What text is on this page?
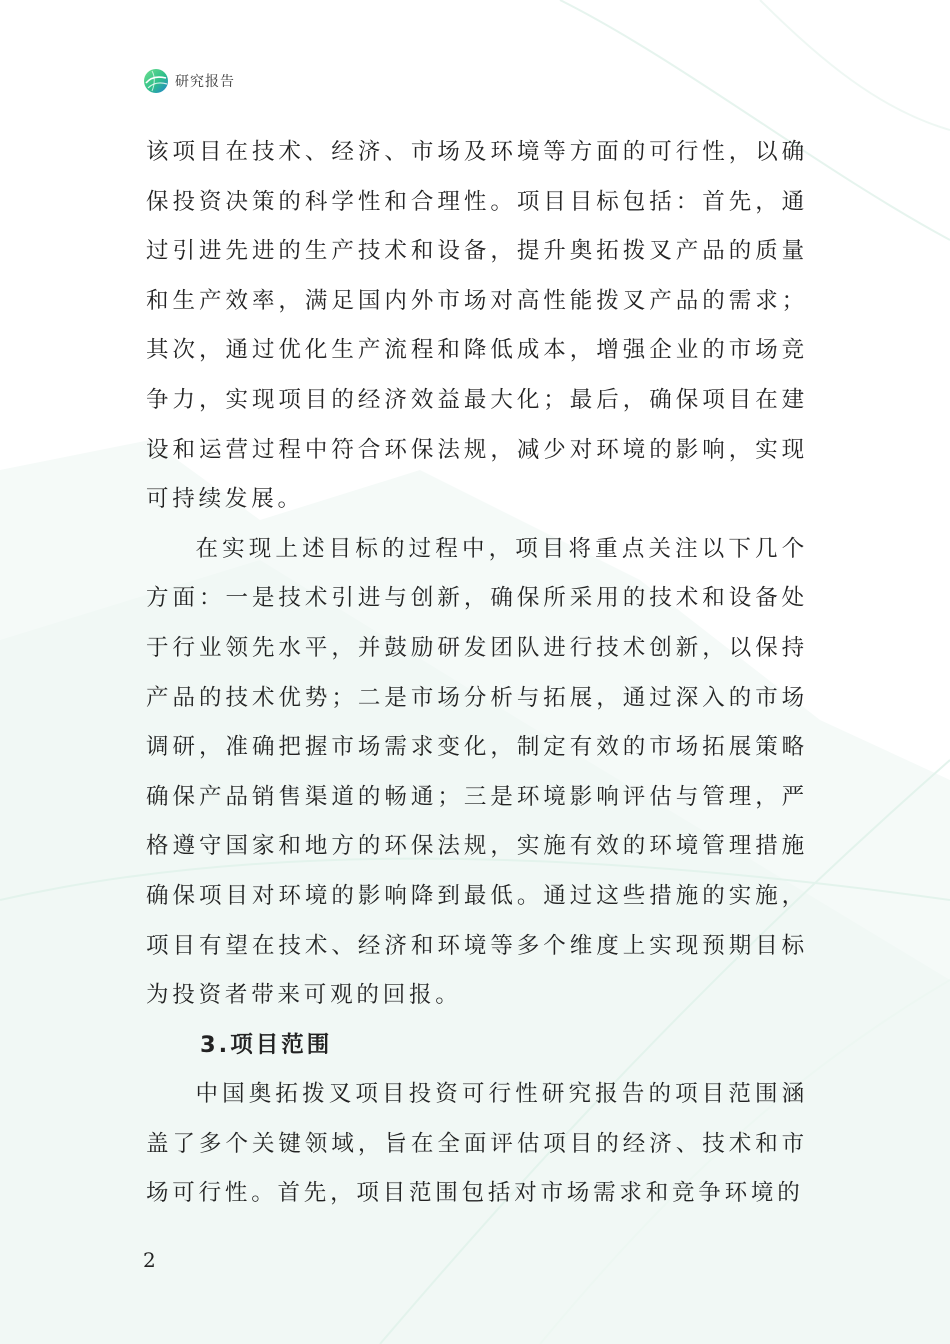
研究报告

该项目在技术、经济、市场及环境等方面的可行性，以确保投资决策的科学性和合理性。项目目标包括：首先，通过引进先进的生产技术和设备，提升奥拓拨叉产品的质量和生产效率，满足国内外市场对高性能拨叉产品的需求；其次，通过优化生产流程和降低成本，增强企业的市场竞争力，实现项目的经济效益最大化；最后，确保项目在建设和运营过程中符合环保法规，减少对环境的影响，实现可持续发展。

在实现上述目标的过程中，项目将重点关注以下几个方面：一是技术引进与创新，确保所采用的技术和设备处于行业领先水平，并鼓励研发团队进行技术创新，以保持产品的技术优势；二是市场分析与拓展，通过深入的市场调研，准确把握市场需求变化，制定有效的市场拓展策略确保产品销售渠道的畅通；三是环境影响评估与管理，严格遵守国家和地方的环保法规，实施有效的环境管理措施确保项目对环境的影响降到最低。通过这些措施的实施，项目有望在技术、经济和环境等多个维度上实现预期目标为投资者带来可观的回报。

3.项目范围

中国奥拓拨叉项目投资可行性研究报告的项目范围涵盖了多个关键领域，旨在全面评估项目的经济、技术和市场可行性。首先，项目范围包括对市场需求和竞争环境的

2
